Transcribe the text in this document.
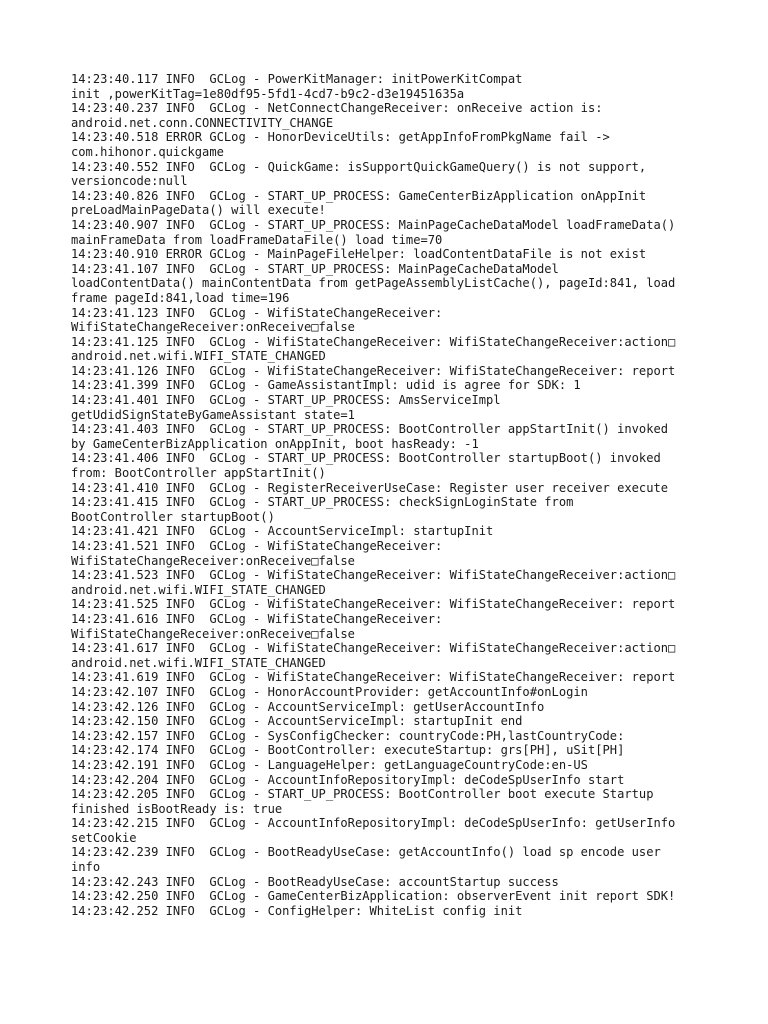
14:23:40.117 INFO  GCLog - PowerKitManager: initPowerKitCompat
init ,powerKitTag=1e80df95-5fd1-4cd7-b9c2-d3e19451635a
14:23:40.237 INFO  GCLog - NetConnectChangeReceiver: onReceive action is:
android.net.conn.CONNECTIVITY_CHANGE
14:23:40.518 ERROR GCLog - HonorDeviceUtils: getAppInfoFromPkgName fail ->
com.hihonor.quickgame
14:23:40.552 INFO  GCLog - QuickGame: isSupportQuickGameQuery() is not support,
versioncode:null
14:23:40.826 INFO  GCLog - START_UP_PROCESS: GameCenterBizApplication onAppInit
preLoadMainPageData() will execute!
14:23:40.907 INFO  GCLog - START_UP_PROCESS: MainPageCacheDataModel loadFrameData()
mainFrameData from loadFrameDataFile() load time=70
14:23:40.910 ERROR GCLog - MainPageFileHelper: loadContentDataFile is not exist
14:23:41.107 INFO  GCLog - START_UP_PROCESS: MainPageCacheDataModel
loadContentData() mainContentData from getPageAssemblyListCache(), pageId:841, load
frame pageId:841,load time=196
14:23:41.123 INFO  GCLog - WifiStateChangeReceiver:
WifiStateChangeReceiver:onReceive□false
14:23:41.125 INFO  GCLog - WifiStateChangeReceiver: WifiStateChangeReceiver:action□
android.net.wifi.WIFI_STATE_CHANGED
14:23:41.126 INFO  GCLog - WifiStateChangeReceiver: WifiStateChangeReceiver: report
14:23:41.399 INFO  GCLog - GameAssistantImpl: udid is agree for SDK: 1
14:23:41.401 INFO  GCLog - START_UP_PROCESS: AmsServiceImpl
getUdidSignStateByGameAssistant state=1
14:23:41.403 INFO  GCLog - START_UP_PROCESS: BootController appStartInit() invoked
by GameCenterBizApplication onAppInit, boot hasReady: -1
14:23:41.406 INFO  GCLog - START_UP_PROCESS: BootController startupBoot() invoked
from: BootController appStartInit()
14:23:41.410 INFO  GCLog - RegisterReceiverUseCase: Register user receiver execute
14:23:41.415 INFO  GCLog - START_UP_PROCESS: checkSignLoginState from
BootController startupBoot()
14:23:41.421 INFO  GCLog - AccountServiceImpl: startupInit
14:23:41.521 INFO  GCLog - WifiStateChangeReceiver:
WifiStateChangeReceiver:onReceive□false
14:23:41.523 INFO  GCLog - WifiStateChangeReceiver: WifiStateChangeReceiver:action□
android.net.wifi.WIFI_STATE_CHANGED
14:23:41.525 INFO  GCLog - WifiStateChangeReceiver: WifiStateChangeReceiver: report
14:23:41.616 INFO  GCLog - WifiStateChangeReceiver:
WifiStateChangeReceiver:onReceive□false
14:23:41.617 INFO  GCLog - WifiStateChangeReceiver: WifiStateChangeReceiver:action□
android.net.wifi.WIFI_STATE_CHANGED
14:23:41.619 INFO  GCLog - WifiStateChangeReceiver: WifiStateChangeReceiver: report
14:23:42.107 INFO  GCLog - HonorAccountProvider: getAccountInfo#onLogin
14:23:42.126 INFO  GCLog - AccountServiceImpl: getUserAccountInfo
14:23:42.150 INFO  GCLog - AccountServiceImpl: startupInit end
14:23:42.157 INFO  GCLog - SysConfigChecker: countryCode:PH,lastCountryCode:
14:23:42.174 INFO  GCLog - BootController: executeStartup: grs[PH], uSit[PH]
14:23:42.191 INFO  GCLog - LanguageHelper: getLanguageCountryCode:en-US
14:23:42.204 INFO  GCLog - AccountInfoRepositoryImpl: deCodeSpUserInfo start
14:23:42.205 INFO  GCLog - START_UP_PROCESS: BootController boot execute Startup
finished isBootReady is: true
14:23:42.215 INFO  GCLog - AccountInfoRepositoryImpl: deCodeSpUserInfo: getUserInfo
setCookie
14:23:42.239 INFO  GCLog - BootReadyUseCase: getAccountInfo() load sp encode user
info
14:23:42.243 INFO  GCLog - BootReadyUseCase: accountStartup success
14:23:42.250 INFO  GCLog - GameCenterBizApplication: observerEvent init report SDK!
14:23:42.252 INFO  GCLog - ConfigHelper: WhiteList config init
